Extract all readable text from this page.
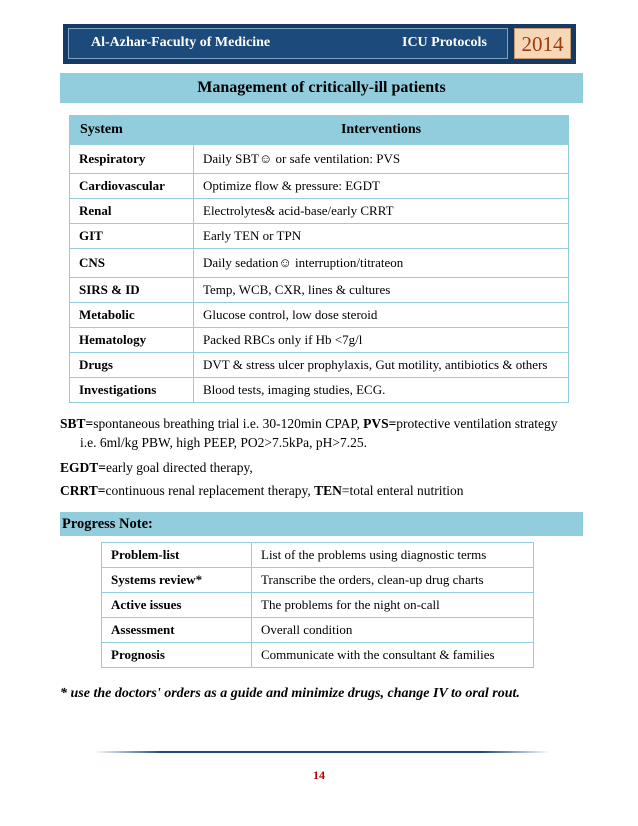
Al-Azhar-Faculty of Medicine	ICU Protocols	2014
Management of critically-ill patients
System	Interventions
Respiratory	Daily SBT☺ or safe ventilation: PVS
Cardiovascular	Optimize flow & pressure: EGDT
Renal	Electrolytes& acid-base/early CRRT
GIT	Early TEN or TPN
CNS	Daily sedation☺ interruption/titrateon
SIRS & ID	Temp, WCB, CXR, lines & cultures
Metabolic	Glucose control, low dose steroid
Hematology	Packed RBCs only if Hb <7g/l
Drugs	DVT & stress ulcer prophylaxis, Gut motility, antibiotics & others
Investigations	Blood tests, imaging studies, ECG.
SBT=spontaneous breathing trial i.e. 30-120min CPAP, PVS=protective ventilation strategy
i.e. 6ml/kg PBW, high PEEP, PO2>7.5kPa, pH>7.25.
EGDT=early goal directed therapy,
CRRT=continuous renal replacement therapy, TEN=total enteral nutrition
Progress Note:
Problem-list	List of the problems using diagnostic terms
Systems review*	Transcribe the orders, clean-up drug charts
Active issues	The problems for the night on-call
Assessment	Overall condition
Prognosis	Communicate with the consultant & families
* use the doctors' orders as a guide and minimize drugs, change IV to oral rout.
14
